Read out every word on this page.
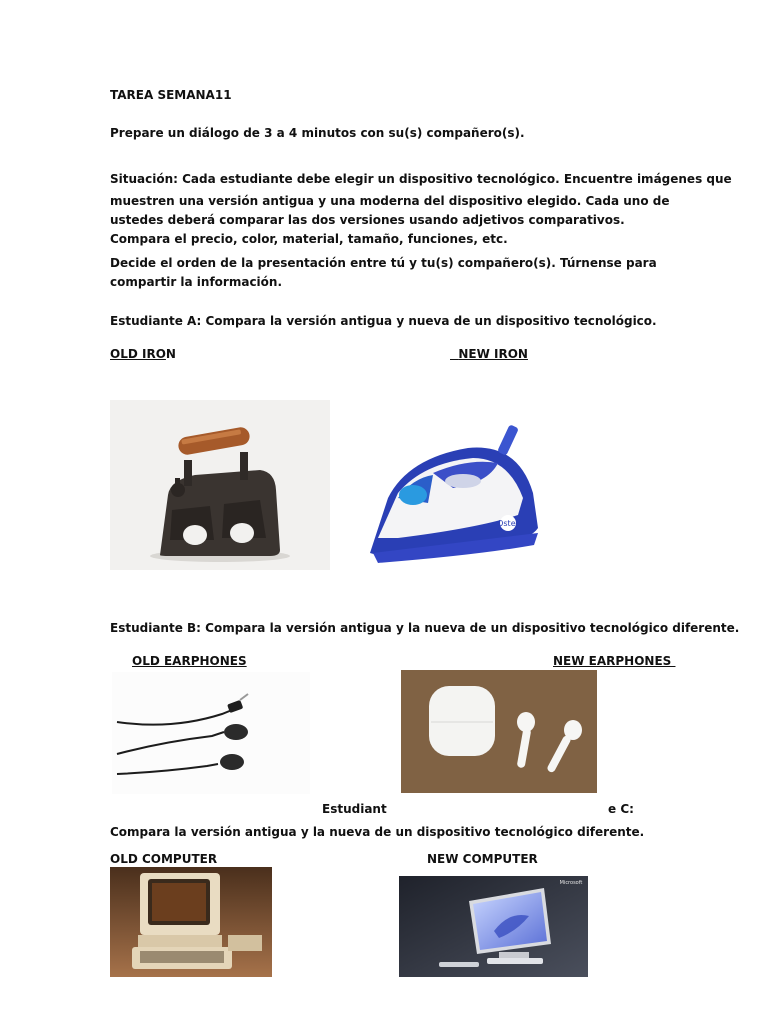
TAREA SEMANA11
Prepare un diálogo de 3 a 4 minutos con su(s) compañero(s).
Situación: Cada estudiante debe elegir un dispositivo tecnológico. Encuentre imágenes que
muestren una versión antigua y una moderna del dispositivo elegido. Cada uno de ustedes deberá comparar las dos versiones usando adjetivos comparativos. Compara el precio, color, material, tamaño, funciones, etc.
Decide el orden de la presentación entre tú y tu(s) compañero(s). Túrnense para compartir la información.
Estudiante A: Compara la versión antigua y nueva de un dispositivo tecnológico.
OLD IRON	NEW IRON
Oster
Estudiante B: Compara la versión antigua y la nueva de un dispositivo tecnológico diferente.
OLD EARPHONES	NEW EARPHONES
Estudiant	e C:
Compara la versión antigua y la nueva de un dispositivo tecnológico diferente.
OLD COMPUTER	NEW COMPUTER
Microsoft
